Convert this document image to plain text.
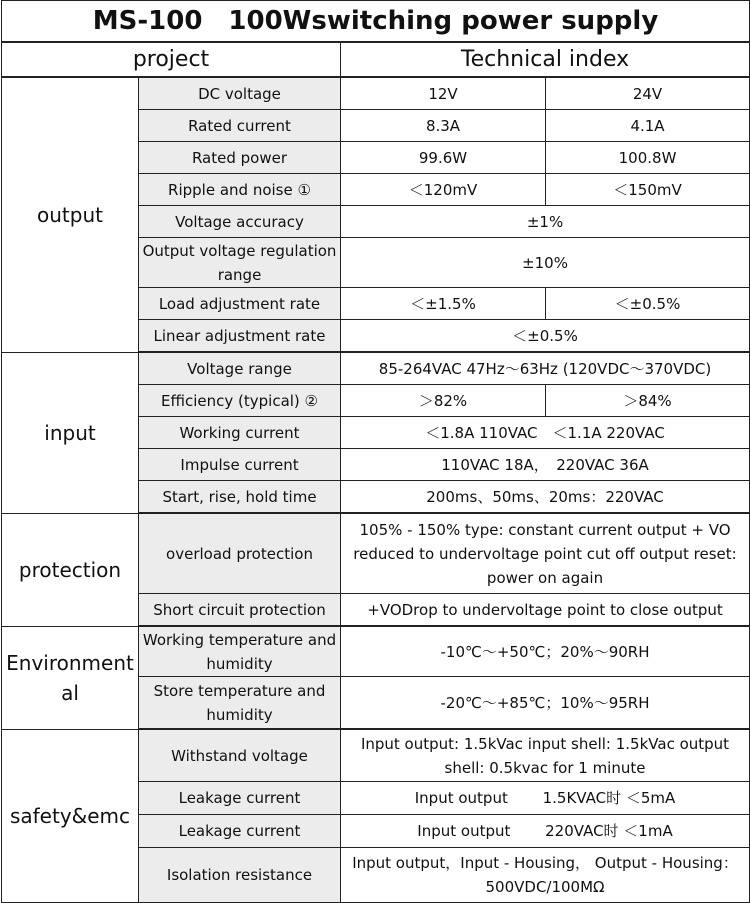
MS-100　100Wswitching power supply			
project		Technical index	
output	DC voltage	12V	24V
	Rated current	8.3A	4.1A
	Rated power	99.6W	100.8W
	Ripple and noise ①	＜120mV	＜150mV
	Voltage accuracy	±1%	
	Output voltage regulation range	±10%	
	Load adjustment rate	＜±1.5%	＜±0.5%
	Linear adjustment rate	＜±0.5%	
input	Voltage range	85-264VAC 47Hz～63Hz (120VDC～370VDC)	
	Efficiency (typical) ②	＞82%	＞84%
	Working current	＜1.8A 110VAC　＜1.1A 220VAC	
	Impulse current	110VAC 18A，　220VAC 36A	
	Start, rise, hold time	200ms、50ms、20ms：220VAC	
protection	overload protection	105% - 150% type: constant current output + VO reduced to undervoltage point cut off output reset: power on again	
	Short circuit protection	+VODrop to undervoltage point to close output	
Environmental	Working temperature and humidity	-10℃～+50℃；20%～90RH	
	Store temperature and humidity	-20℃～+85℃；10%～95RH	
safety&emc	Withstand voltage	Input output: 1.5kVac input shell: 1.5kVac output shell: 0.5kvac for 1 minute	
	Leakage current	Input output　　 1.5KVAC时 ＜5mA	
	Leakage current	Input output　　 220VAC时 ＜1mA	
	Isolation resistance	Input output，Input - Housing， Output - Housing：500VDC/100MΩ	
